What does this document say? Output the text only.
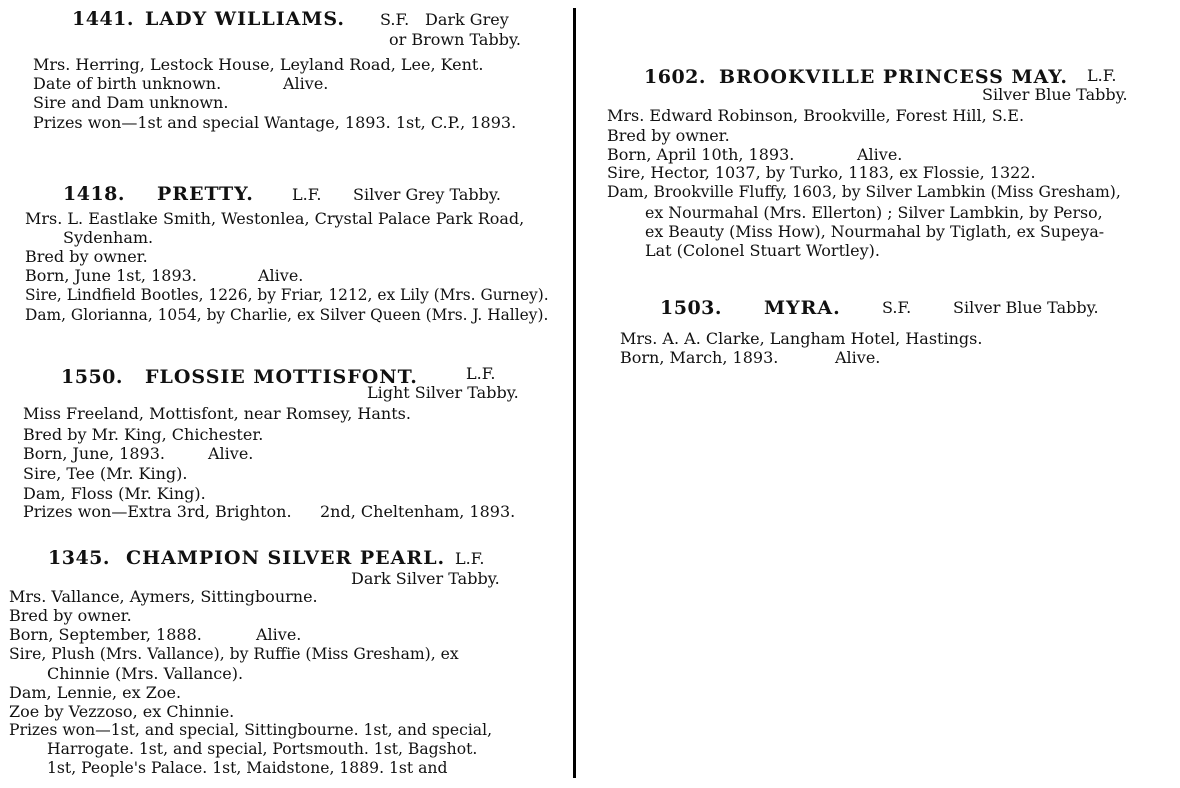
1441. LADY WILLIAMS. S.F. Dark Grey
or Brown Tabby.
Mrs. Herring, Lestock House, Leyland Road, Lee, Kent.
Date of birth unknown.	Alive.
Sire and Dam unknown.
Prizes won—1st and special Wantage, 1893. 1st, C.P., 1893.
1418. PRETTY. L.F. Silver Grey Tabby.
Mrs. L. Eastlake Smith, Westonlea, Crystal Palace Park Road,
Sydenham.
Bred by owner.
Born, June 1st, 1893.	Alive.
Sire, Lindfield Bootles, 1226, by Friar, 1212, ex Lily (Mrs. Gurney).
Dam, Glorianna, 1054, by Charlie, ex Silver Queen (Mrs. J. Halley).
1550. FLOSSIE MOTTISFONT.	L.F.
Light Silver Tabby.
Miss Freeland, Mottisfont, near Romsey, Hants.
Bred by Mr. King, Chichester.
Born, June, 1893.	Alive.
Sire, Tee (Mr. King).
Dam, Floss (Mr. King).
Prizes won—Extra 3rd, Brighton. 2nd, Cheltenham, 1893.
1345. CHAMPION SILVER PEARL. L.F.
Dark Silver Tabby.
Mrs. Vallance, Aymers, Sittingbourne.
Bred by owner.
Born, September, 1888.	Alive.
Sire, Plush (Mrs. Vallance), by Ruffie (Miss Gresham), ex
Chinnie (Mrs. Vallance).
Dam, Lennie, ex Zoe.
Zoe by Vezzoso, ex Chinnie.
Prizes won—1st, and special, Sittingbourne. 1st, and special,
Harrogate. 1st, and special, Portsmouth. 1st, Bagshot.
1st, People's Palace. 1st, Maidstone, 1889. 1st and
1602. BROOKVILLE PRINCESS MAY. L.F.
Silver Blue Tabby.
Mrs. Edward Robinson, Brookville, Forest Hill, S.E.
Bred by owner.
Born, April 10th, 1893.	Alive.
Sire, Hector, 1037, by Turko, 1183, ex Flossie, 1322.
Dam, Brookville Fluffy, 1603, by Silver Lambkin (Miss Gresham),
ex Nourmahal (Mrs. Ellerton) ; Silver Lambkin, by Perso,
ex Beauty (Miss How), Nourmahal by Tiglath, ex Supeya-
Lat (Colonel Stuart Wortley).
1503. MYRA.	S.F.	Silver Blue Tabby.
Mrs. A. A. Clarke, Langham Hotel, Hastings.
Born, March, 1893.	Alive.
